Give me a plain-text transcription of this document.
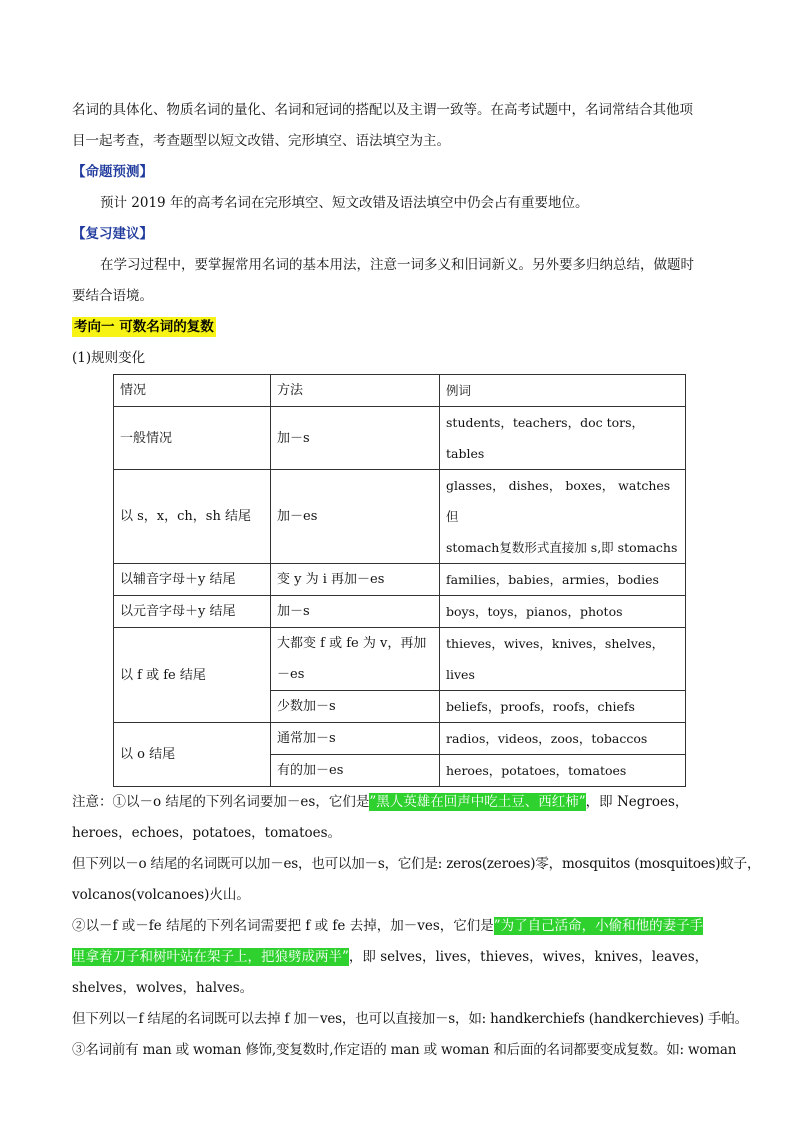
名词的具体化、物质名词的量化、名词和冠词的搭配以及主谓一致等。在高考试题中，名词常结合其他项
目一起考查，考查题型以短文改错、完形填空、语法填空为主。
【命题预测】
预计 2019 年的高考名词在完形填空、短文改错及语法填空中仍会占有重要地位。
【复习建议】
在学习过程中，要掌握常用名词的基本用法，注意一词多义和旧词新义。另外要多归纳总结，做题时
要结合语境。
考向一 可数名词的复数
(1)规则变化
情况	方法	例词
一般情况	加－s	students，teachers，doc tors，tables
以 s，x，ch，sh 结尾	加－es	glasses， dishes， boxes， watches 但
stomach复数形式直接加 s,即 stomachs

以辅音字母＋y 结尾	变 y 为 i 再加－es	families，babies，armies，bodies
以元音字母＋y 结尾	加－s	boys，toys，pianos，photos
以 f 或 fe 结尾	大都变 f 或 fe 为 v，再加
－es	thieves，wives，knives，shelves，lives
	少数加－s	beliefs，proofs，roofs，chiefs
以 o 结尾	通常加－s	radios，videos，zoos，tobaccos
	有的加－es	heroes，potatoes，tomatoes
注意：①以－o 结尾的下列名词要加－es，它们是”黑人英雄在回声中吃土豆、西红柿”，即 Negroes，
heroes，echoes，potatoes，tomatoes。
但下列以－o 结尾的名词既可以加－es，也可以加－s，它们是: zeros(zeroes)零，mosquitos (mosquitoes)蚊子，
volcanos(volcanoes)火山。
②以－f 或－fe 结尾的下列名词需要把 f 或 fe 去掉，加－ves，它们是”为了自己活命，小偷和他的妻子手
里拿着刀子和树叶站在架子上，把狼劈成两半”，即 selves，lives，thieves，wives，knives，leaves，
shelves，wolves，halves。
但下列以－f 结尾的名词既可以去掉 f 加－ves，也可以直接加－s，如: handkerchiefs (handkerchieves) 手帕。
③名词前有 man 或 woman 修饰,变复数时,作定语的 man 或 woman 和后面的名词都要变成复数。如: woman
